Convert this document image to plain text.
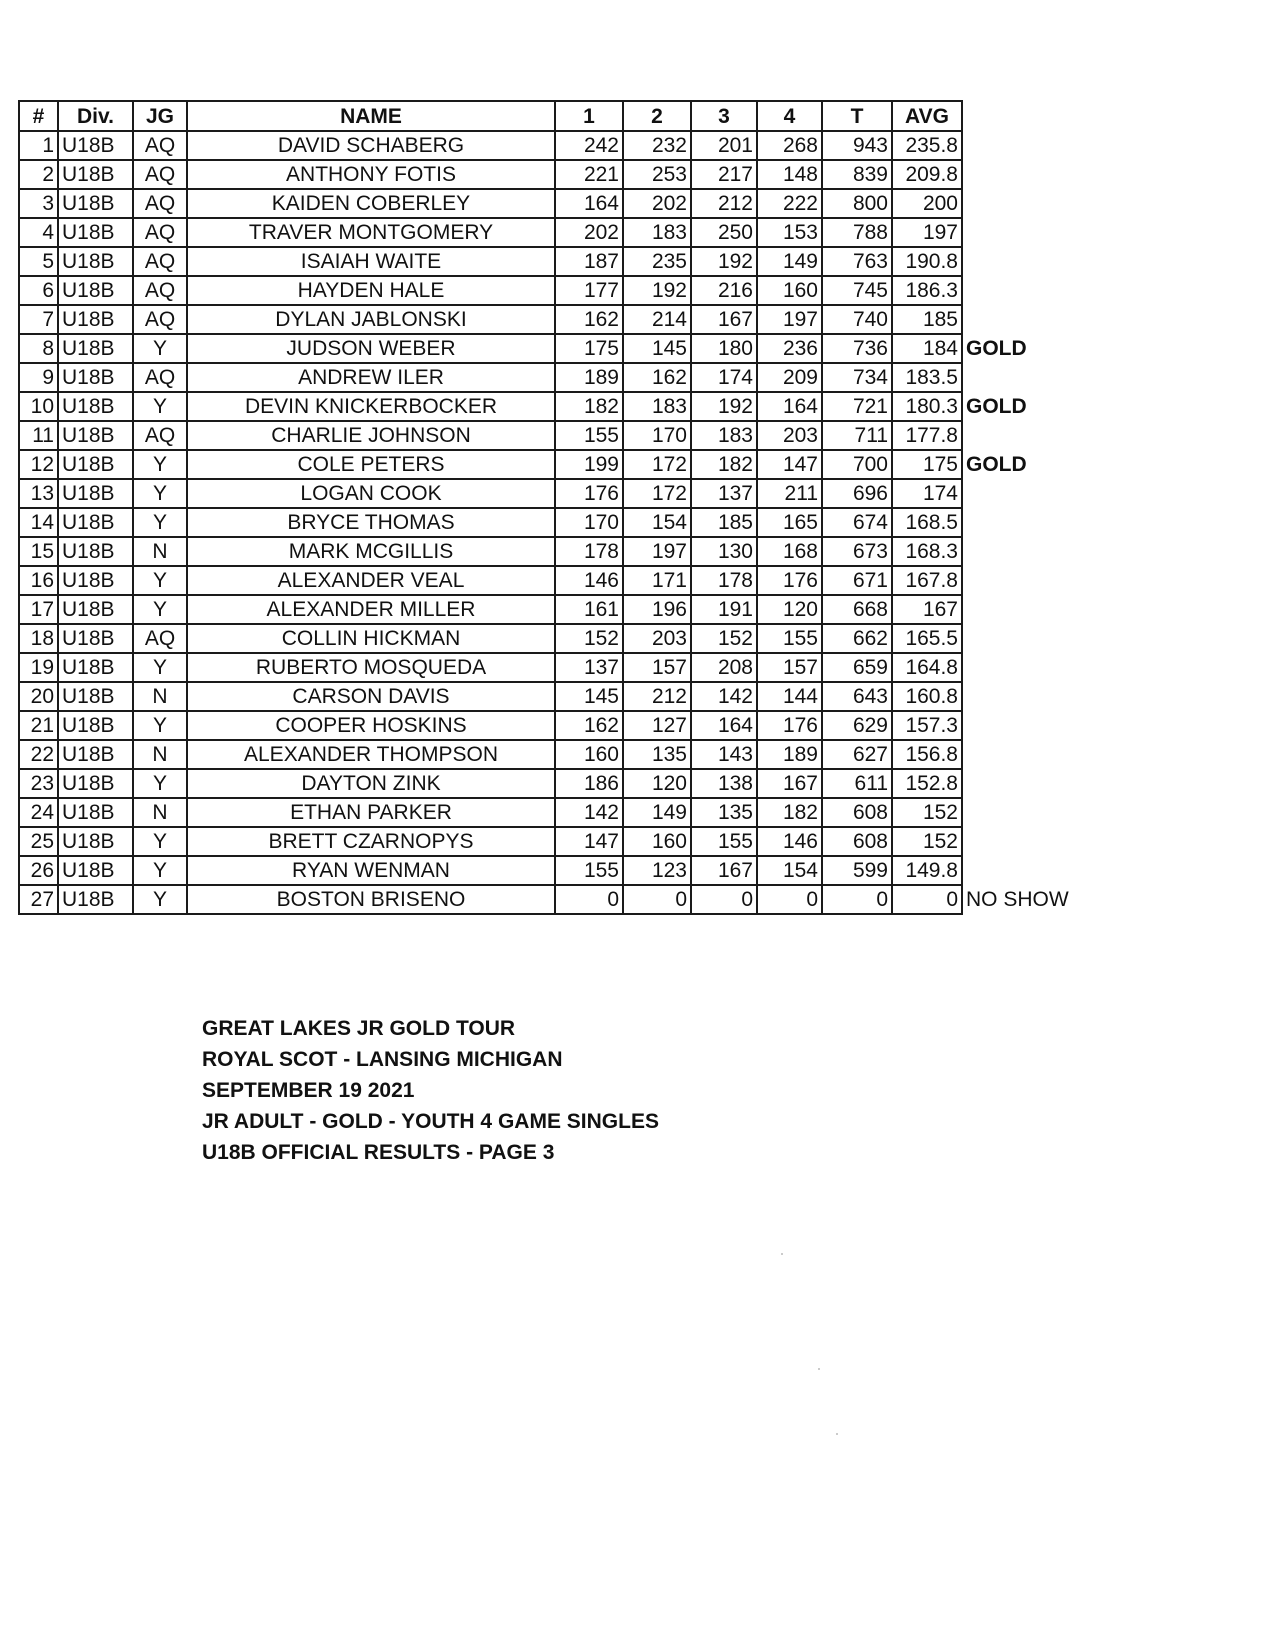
#	Div.	JG	NAME	1	2	3	4	T	AVG	
1	U18B	AQ	DAVID SCHABERG	242	232	201	268	943	235.8	
2	U18B	AQ	ANTHONY FOTIS	221	253	217	148	839	209.8	
3	U18B	AQ	KAIDEN COBERLEY	164	202	212	222	800	200	
4	U18B	AQ	TRAVER MONTGOMERY	202	183	250	153	788	197	
5	U18B	AQ	ISAIAH WAITE	187	235	192	149	763	190.8	
6	U18B	AQ	HAYDEN HALE	177	192	216	160	745	186.3	
7	U18B	AQ	DYLAN JABLONSKI	162	214	167	197	740	185	
8	U18B	Y	JUDSON WEBER	175	145	180	236	736	184	GOLD
9	U18B	AQ	ANDREW ILER	189	162	174	209	734	183.5	
10	U18B	Y	DEVIN KNICKERBOCKER	182	183	192	164	721	180.3	GOLD
11	U18B	AQ	CHARLIE JOHNSON	155	170	183	203	711	177.8	
12	U18B	Y	COLE PETERS	199	172	182	147	700	175	GOLD
13	U18B	Y	LOGAN COOK	176	172	137	211	696	174	
14	U18B	Y	BRYCE THOMAS	170	154	185	165	674	168.5	
15	U18B	N	MARK MCGILLIS	178	197	130	168	673	168.3	
16	U18B	Y	ALEXANDER VEAL	146	171	178	176	671	167.8	
17	U18B	Y	ALEXANDER MILLER	161	196	191	120	668	167	
18	U18B	AQ	COLLIN HICKMAN	152	203	152	155	662	165.5	
19	U18B	Y	RUBERTO MOSQUEDA	137	157	208	157	659	164.8	
20	U18B	N	CARSON DAVIS	145	212	142	144	643	160.8	
21	U18B	Y	COOPER HOSKINS	162	127	164	176	629	157.3	
22	U18B	N	ALEXANDER THOMPSON	160	135	143	189	627	156.8	
23	U18B	Y	DAYTON ZINK	186	120	138	167	611	152.8	
24	U18B	N	ETHAN PARKER	142	149	135	182	608	152	
25	U18B	Y	BRETT CZARNOPYS	147	160	155	146	608	152	
26	U18B	Y	RYAN WENMAN	155	123	167	154	599	149.8	
27	U18B	Y	BOSTON BRISENO	0	0	0	0	0	0	NO SHOW
GREAT LAKES JR GOLD TOUR
ROYAL SCOT - LANSING MICHIGAN
SEPTEMBER 19 2021
JR ADULT - GOLD - YOUTH 4 GAME SINGLES
U18B OFFICIAL RESULTS - PAGE 3
